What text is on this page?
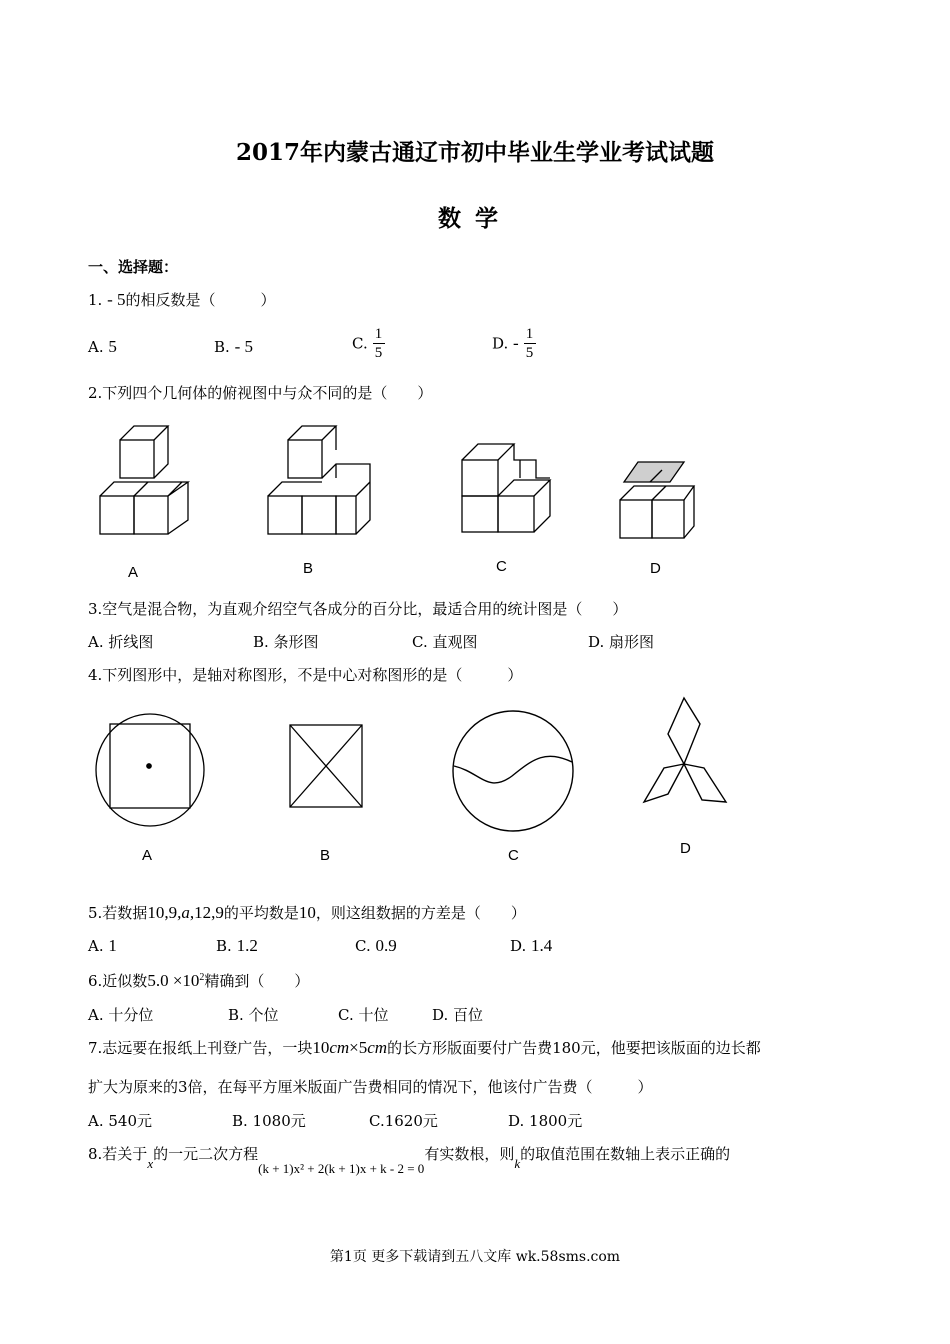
2017年内蒙古通辽市初中毕业生学业考试试题
数学
一、选择题：
1. - 5的相反数是（　　　）
A. 5	B. - 5	C. $\frac{1}{5}$	D. - $\frac{1}{5}$
2.下列四个几何体的俯视图中与众不同的是（　　）
A	B	C	D
3.空气是混合物，为直观介绍空气各成分的百分比，最适合用的统计图是（　　）
A. 折线图	B. 条形图	C. 直观图	D. 扇形图
4.下列图形中，是轴对称图形，不是中心对称图形的是（　　　）
A	B	C	D
5.若数据10,9,a,12,9的平均数是10，则这组数据的方差是（　　）
A. 1	B. 1.2	C. 0.9	D. 1.4
6.近似数$5.0 \times 10^2$精确到（　　）
A. 十分位	B. 个位	C. 十位	D. 百位
7.志远要在报纸上刊登广告，一块10cm×5cm的长方形版面要付广告费180元，他要把该版面的边长都
扩大为原来的3倍，在每平方厘米版面广告费相同的情况下，他该付广告费（　　　）
A. 540元	B. 1080元	C.1620元	D. 1800元
8.若关于x的一元二次方程(k + 1)x² + 2(k + 1)x + k - 2 = 0有实数根，则k的取值范围在数轴上表示正确的
第1页 更多下载请到五八文库 wk.58sms.com
